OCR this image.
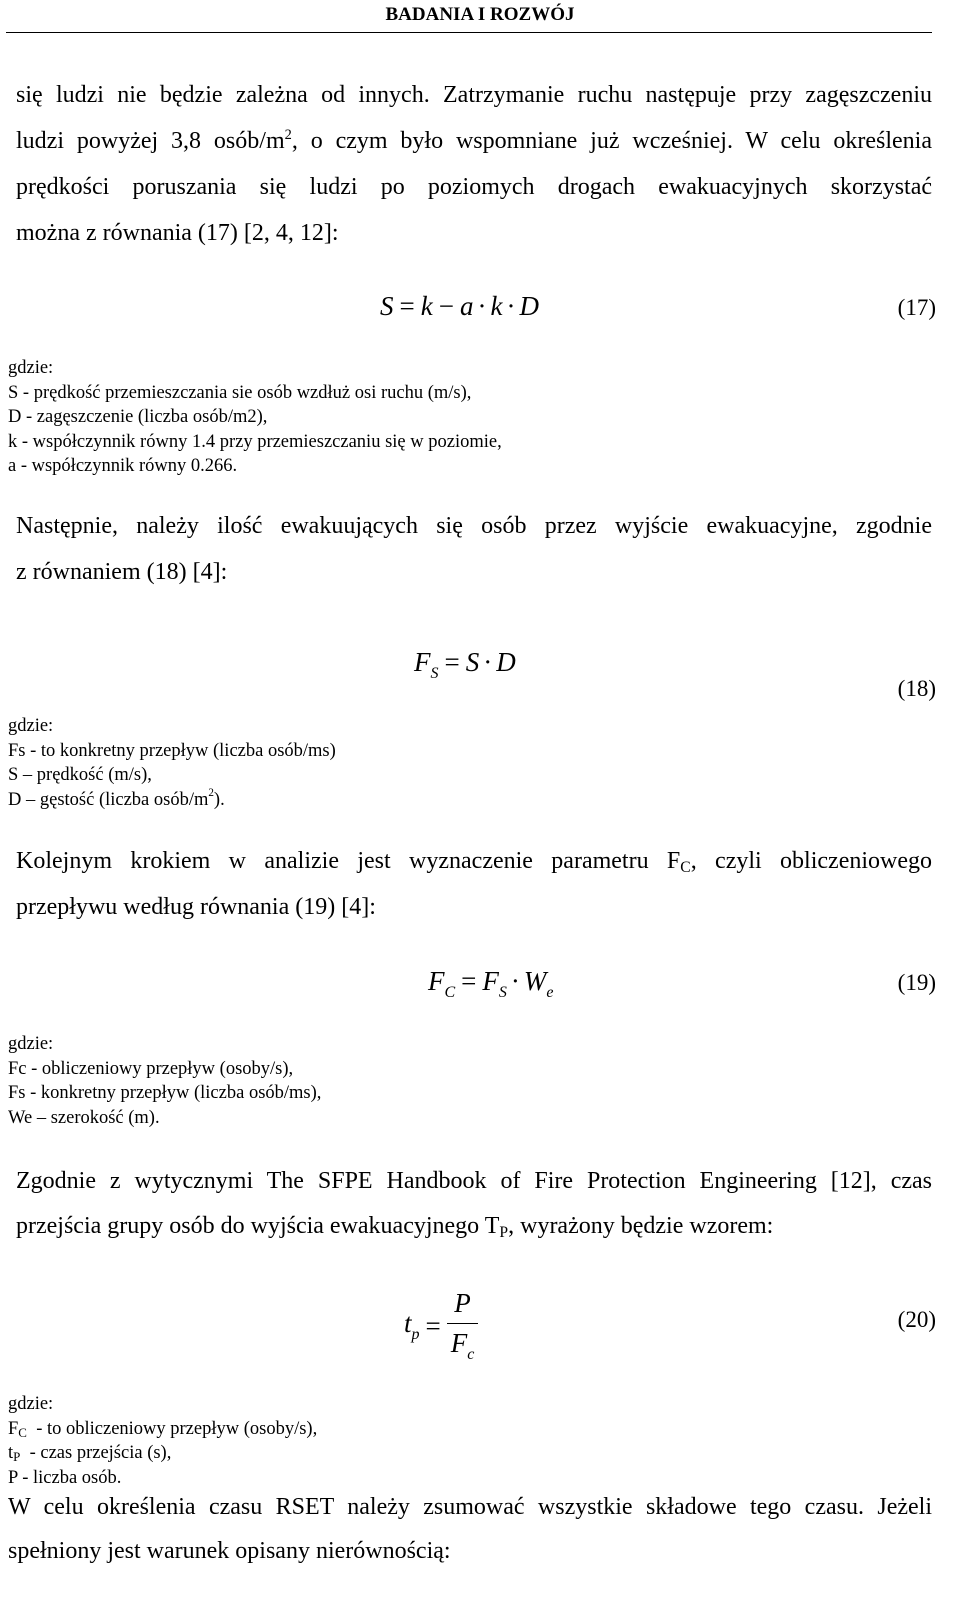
BADANIA I ROZWÓJ
się ludzi nie będzie zależna od innych. Zatrzymanie ruchu następuje przy zagęszczeniu
ludzi powyżej 3,8 osób/$m^2$, o czym było wspomniane już wcześniej. W celu określenia
prędkości poruszania się ludzi po poziomych drogach ewakuacyjnych skorzystać
można z równania (17) [2, 4, 12]:
S = k − a · k · D	(17)
gdzie:
S - prędkość przemieszczania sie osób wzdłuż osi ruchu (m/s),
D - zagęszczenie (liczba osób/m2),
k - współczynnik równy 1.4 przy przemieszczaniu się w poziomie,
a - współczynnik równy 0.266.
Następnie, należy ilość ewakuujących się osób przez wyjście ewakuacyjne, zgodnie
z równaniem (18) [4]:
$F_S = S \cdot D$
(18)
gdzie:
Fs - to konkretny przepływ (liczba osób/ms)
S – prędkość (m/s),
D – gęstość (liczba osób/$m^2$).
Kolejnym krokiem w analizie jest wyznaczenie parametru $F_C$, czyli obliczeniowego
przepływu według równania (19) [4]:
$F_C = F_S \cdot W_e$	(19)
gdzie:
Fc - obliczeniowy przepływ (osoby/s),
Fs - konkretny przepływ (liczba osób/ms),
We – szerokość (m).
Zgodnie z wytycznymi The SFPE Handbook of Fire Protection Engineering [12], czas
przejścia grupy osób do wyjścia ewakuacyjnego $T_P$, wyrażony będzie wzorem:
$t_p = \frac{P}{F_c}$	(20)
gdzie:
$F_C$  - to obliczeniowy przepływ (osoby/s),
$t_P$  - czas przejścia (s),
P - liczba osób.
W celu określenia czasu RSET należy zsumować wszystkie składowe tego czasu. Jeżeli
spełniony jest warunek opisany nierównością:
